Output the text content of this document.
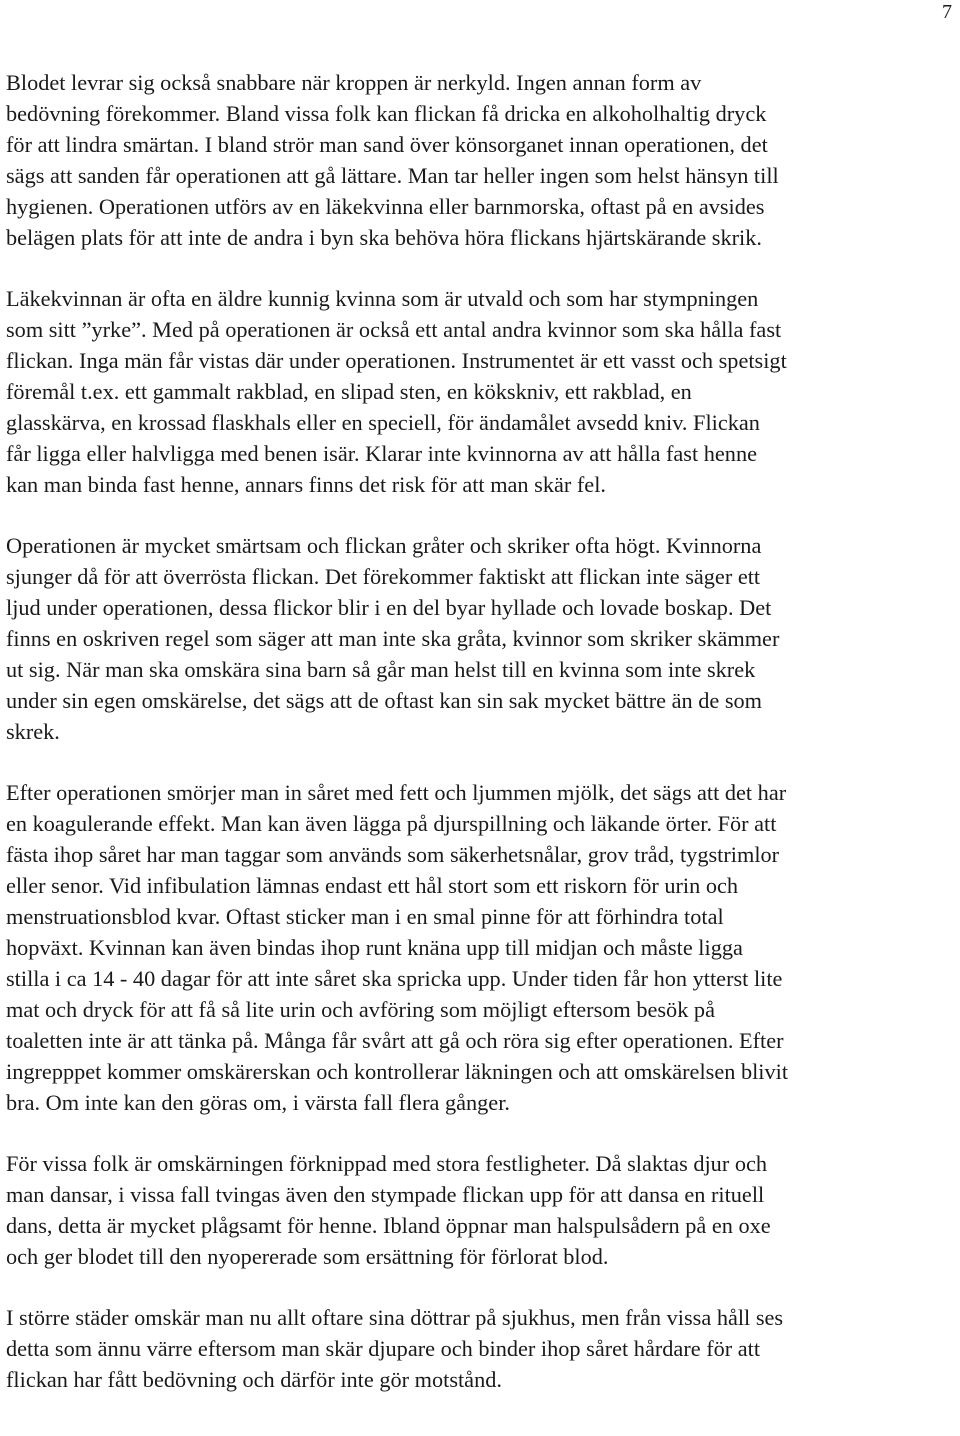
7

Blodet levrar sig också snabbare när kroppen är nerkyld. Ingen annan form av
bedövning förekommer. Bland vissa folk kan flickan få dricka en alkoholhaltig dryck
för att lindra smärtan. I bland strör man sand över könsorganet innan operationen, det
sägs att sanden får operationen att gå lättare. Man tar heller ingen som helst hänsyn till
hygienen. Operationen utförs av en läkekvinna eller barnmorska, oftast på en avsides
belägen plats för att inte de andra i byn ska behöva höra flickans hjärtskärande skrik.

Läkekvinnan är ofta en äldre kunnig kvinna som är utvald och som har stympningen
som sitt ”yrke”. Med på operationen är också ett antal andra kvinnor som ska hålla fast
flickan. Inga män får vistas där under operationen. Instrumentet är ett vasst och spetsigt
föremål t.ex. ett gammalt rakblad, en slipad sten, en kökskniv, ett rakblad, en
glasskärva, en krossad flaskhals eller en speciell, för ändamålet avsedd kniv. Flickan
får ligga eller halvligga med benen isär. Klarar inte kvinnorna av att hålla fast henne
kan man binda fast henne, annars finns det risk för att man skär fel.

Operationen är mycket smärtsam och flickan gråter och skriker ofta högt. Kvinnorna
sjunger då för att överrösta flickan. Det förekommer faktiskt att flickan inte säger ett
ljud under operationen, dessa flickor blir i en del byar hyllade och lovade boskap. Det
finns en oskriven regel som säger att man inte ska gråta, kvinnor som skriker skämmer
ut sig. När man ska omskära sina barn så går man helst till en kvinna som inte skrek
under sin egen omskärelse, det sägs att de oftast kan sin sak mycket bättre än de som
skrek.

Efter operationen smörjer man in såret med fett och ljummen mjölk, det sägs att det har
en koagulerande effekt. Man kan även lägga på djurspillning och läkande örter. För att
fästa ihop såret har man taggar som används som säkerhetsnålar, grov tråd, tygstrimlor
eller senor. Vid infibulation lämnas endast ett hål stort som ett riskorn för urin och
menstruationsblod kvar. Oftast sticker man i en smal pinne för att förhindra total
hopväxt. Kvinnan kan även bindas ihop runt knäna upp till midjan och måste ligga
stilla i ca 14 - 40 dagar för att inte såret ska spricka upp. Under tiden får hon ytterst lite
mat och dryck för att få så lite urin och avföring som möjligt eftersom besök på
toaletten inte är att tänka på. Många får svårt att gå och röra sig efter operationen. Efter
ingrepppet kommer omskärerskan och kontrollerar läkningen och att omskärelsen blivit
bra. Om inte kan den göras om, i värsta fall flera gånger.

För vissa folk är omskärningen förknippad med stora festligheter. Då slaktas djur och
man dansar, i vissa fall tvingas även den stympade flickan upp för att dansa en rituell
dans, detta är mycket plågsamt för henne. Ibland öppnar man halspulsådern på en oxe
och ger blodet till den nyopererade som ersättning för förlorat blod.

I större städer omskär man nu allt oftare sina döttrar på sjukhus, men från vissa håll ses
detta som ännu värre eftersom man skär djupare och binder ihop såret hårdare för att
flickan har fått bedövning och därför inte gör motstånd.
